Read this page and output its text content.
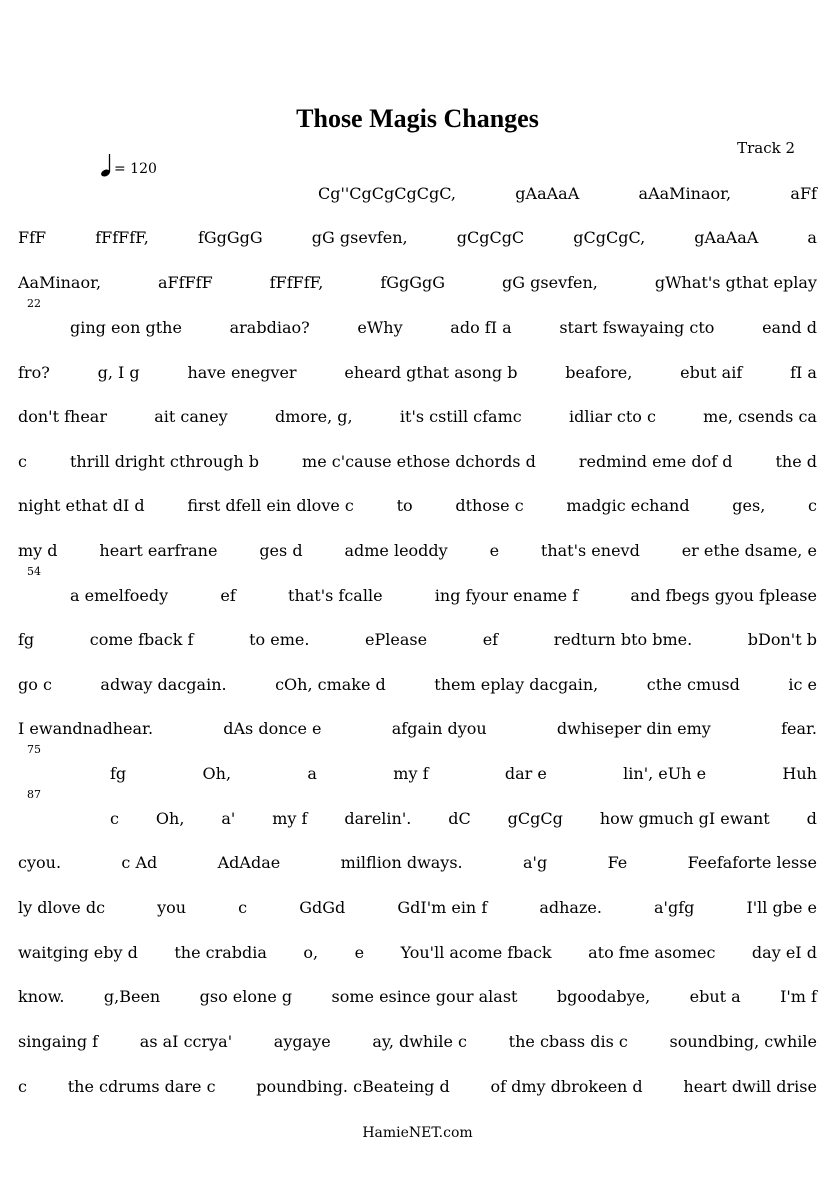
Those Magis Changes
Track 2
= 120
22
54
75
87
Cg''CgCgCgCgC,	gAaAaA	aAaMinaor,	aFf
FfF	fFfFfF,	fGgGgG	gG gsevfen,	gCgCgC	gCgCgC,	gAaAaA	a
AaMinaor,	aFfFfF	fFfFfF,	fGgGgG	gG gsevfen,	gWhat's gthat eplay
ging eon gthe	arabdiao?	eWhy	ado fI a	start fswayaing cto	eand d
fro?	g, I g	have enegver	eheard gthat asong b	beafore,	ebut aif	fI a
don't fhear	ait caney	dmore, g,	it's cstill cfamc	idliar cto c	me, csends ca
c	thrill dright cthrough b	me c'cause ethose dchords d	redmind eme dof d	the d
night ethat dI d	first dfell ein dlove c	to	dthose c	madgic echand	ges,	c
my d	heart earfrane	ges d	adme leoddy	e	that's enevd	er ethe dsame, e
a emelfoedy	ef	that's fcalle	ing fyour ename f	and fbegs gyou fplease
fg	come fback f	to eme.	ePlease	ef	redturn bto bme.	bDon't b
go c	adway dacgain.	cOh, cmake d	them eplay dacgain,	cthe cmusd	ic e
I ewandnadhear.	dAs donce e	afgain dyou	dwhiseper din emy	fear.
fg	Oh,	a	my f	dar e	lin', eUh e	Huh
c Oh, a' my f darelin'. dC gCgCg how gmuch gI ewant d
cyou.	c Ad	AdAdae	milflion dways.	a'g	Fe	Feefaforte lesse
ly dlove dc	you	c	GdGd	GdI'm ein f	adhaze.	a'gfg	I'll gbe e
waitging eby d the crabdia o, e You'll acome fback ato fme asomec day eI d
know. g,Been gso elone g some esince gour alast bgoodabye, ebut a I'm f
singaing f	as aI ccrya'	aygaye	ay, dwhile c	the cbass dis c	soundbing, cwhile
c	the cdrums dare c	poundbing. cBeateing d	of dmy dbrokeen d	heart dwill drise
HamieNET.com
